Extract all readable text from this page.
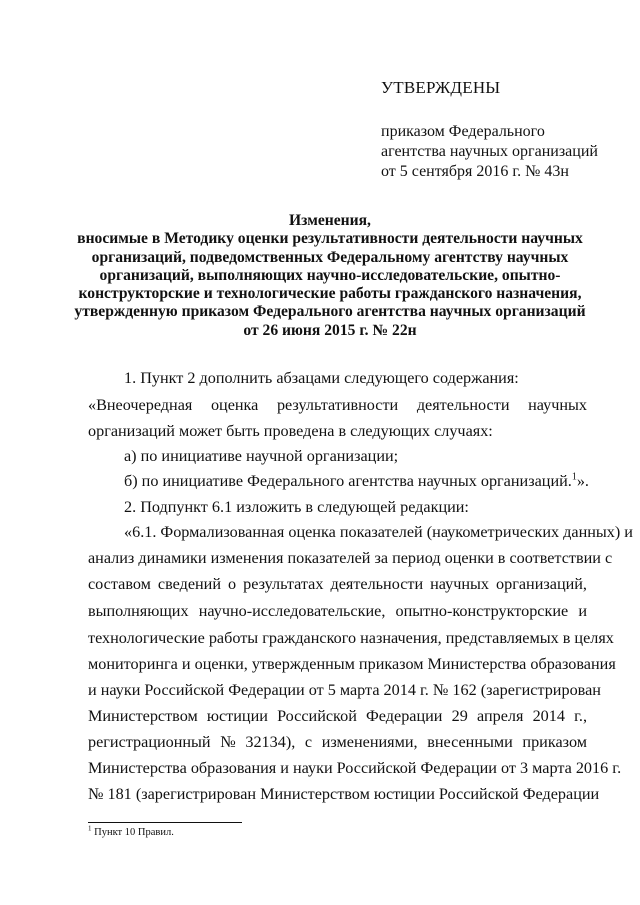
УТВЕРЖДЕНЫ
приказом Федерального
агентства научных организаций
от 5 сентября 2016 г. № 43н
Изменения,
вносимые в Методику оценки результативности деятельности научных
организаций, подведомственных Федеральному агентству научных
организаций, выполняющих научно-исследовательские, опытно-
конструкторские и технологические работы гражданского назначения,
утвержденную приказом Федерального агентства научных организаций
от 26 июня 2015 г. № 22н
1. Пункт 2 дополнить абзацами следующего содержания:
«Внеочередная оценка результативности деятельности научных
организаций может быть проведена в следующих случаях:
а) по инициативе научной организации;
б) по инициативе Федерального агентства научных организаций.$^1$».
2. Подпункт 6.1 изложить в следующей редакции:
«6.1. Формализованная оценка показателей (наукометрических данных) и
анализ динамики изменения показателей за период оценки в соответствии с
составом сведений о результатах деятельности научных организаций,
выполняющих научно-исследовательские, опытно-конструкторские и
технологические работы гражданского назначения, представляемых в целях
мониторинга и оценки, утвержденным приказом Министерства образования
и науки Российской Федерации от 5 марта 2014 г. № 162 (зарегистрирован
Министерством юстиции Российской Федерации 29 апреля 2014 г.,
регистрационный № 32134), с изменениями, внесенными приказом
Министерства образования и науки Российской Федерации от 3 марта 2016 г.
№ 181 (зарегистрирован Министерством юстиции Российской Федерации
$^1$ Пункт 10 Правил.
